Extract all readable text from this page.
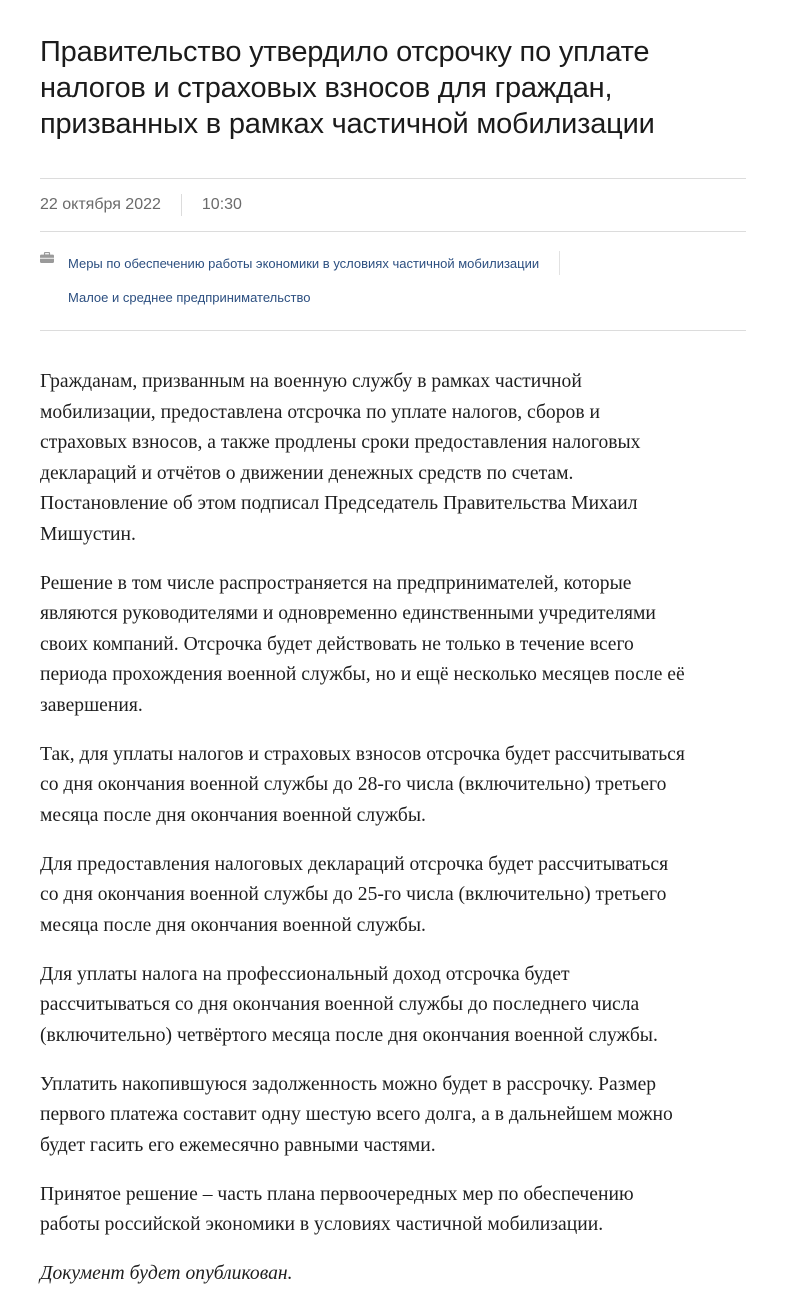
Правительство утвердило отсрочку по уплате
налогов и страховых взносов для граждан,
призванных в рамках частичной мобилизации
22 октября 2022	10:30
Меры по обеспечению работы экономики в условиях частичной мобилизации
Малое и среднее предпринимательство

Гражданам, призванным на военную службу в рамках частичной
мобилизации, предоставлена отсрочка по уплате налогов, сборов и
страховых взносов, а также продлены сроки предоставления налоговых
деклараций и отчётов о движении денежных средств по счетам.
Постановление об этом подписал Председатель Правительства Михаил
Мишустин.

Решение в том числе распространяется на предпринимателей, которые
являются руководителями и одновременно единственными учредителями
своих компаний. Отсрочка будет действовать не только в течение всего
периода прохождения военной службы, но и ещё несколько месяцев после её
завершения.

Так, для уплаты налогов и страховых взносов отсрочка будет рассчитываться
со дня окончания военной службы до 28-го числа (включительно) третьего
месяца после дня окончания военной службы.

Для предоставления налоговых деклараций отсрочка будет рассчитываться
со дня окончания военной службы до 25-го числа (включительно) третьего
месяца после дня окончания военной службы.

Для уплаты налога на профессиональный доход отсрочка будет
рассчитываться со дня окончания военной службы до последнего числа
(включительно) четвёртого месяца после дня окончания военной службы.

Уплатить накопившуюся задолженность можно будет в рассрочку. Размер
первого платежа составит одну шестую всего долга, а в дальнейшем можно
будет гасить его ежемесячно равными частями.

Принятое решение – часть плана первоочередных мер по обеспечению
работы российской экономики в условиях частичной мобилизации.

Документ будет опубликован.
